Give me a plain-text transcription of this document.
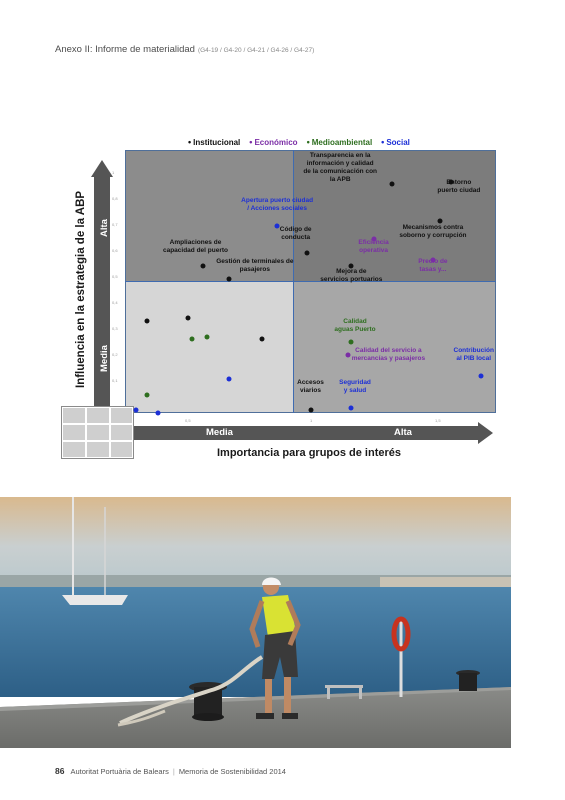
Anexo II: Informe de materialidad (G4-19 / G4-20 / G4-21 / G4-26 / G4-27)
• Institucional • Económico • Medioambiental • Social
Influencia en la estrategia de la ABP Alta
Media
Media	Alta
Importancia para grupos de interés
1
0,8
0,7
0,6
0,5
0,4
0,3
0,2
0,1
0,5	1	1,5
Transparencia en la
información y calidad
de la comunicación con
la APB	Entorno
puerto ciudad
Apertura puerto ciudad
/ Acciones sociales
Mecanismos contra
soborno y corrupción
Código de
conducta
Eficiencia
operativa
Ampliaciones de
capacidad del puerto
Precio de
tasas y...
Gestión de terminales de
pasajeros	Mejora de
servicios portuarios
Calidad
aguas Puerto
Calidad del servicio a
mercancías y pasajeros
Contribución
al PIB local
Accesos
viarios
Seguridad
y salud
86 Autoritat Portuària de Balears | Memoria de Sostenibilidad 2014
